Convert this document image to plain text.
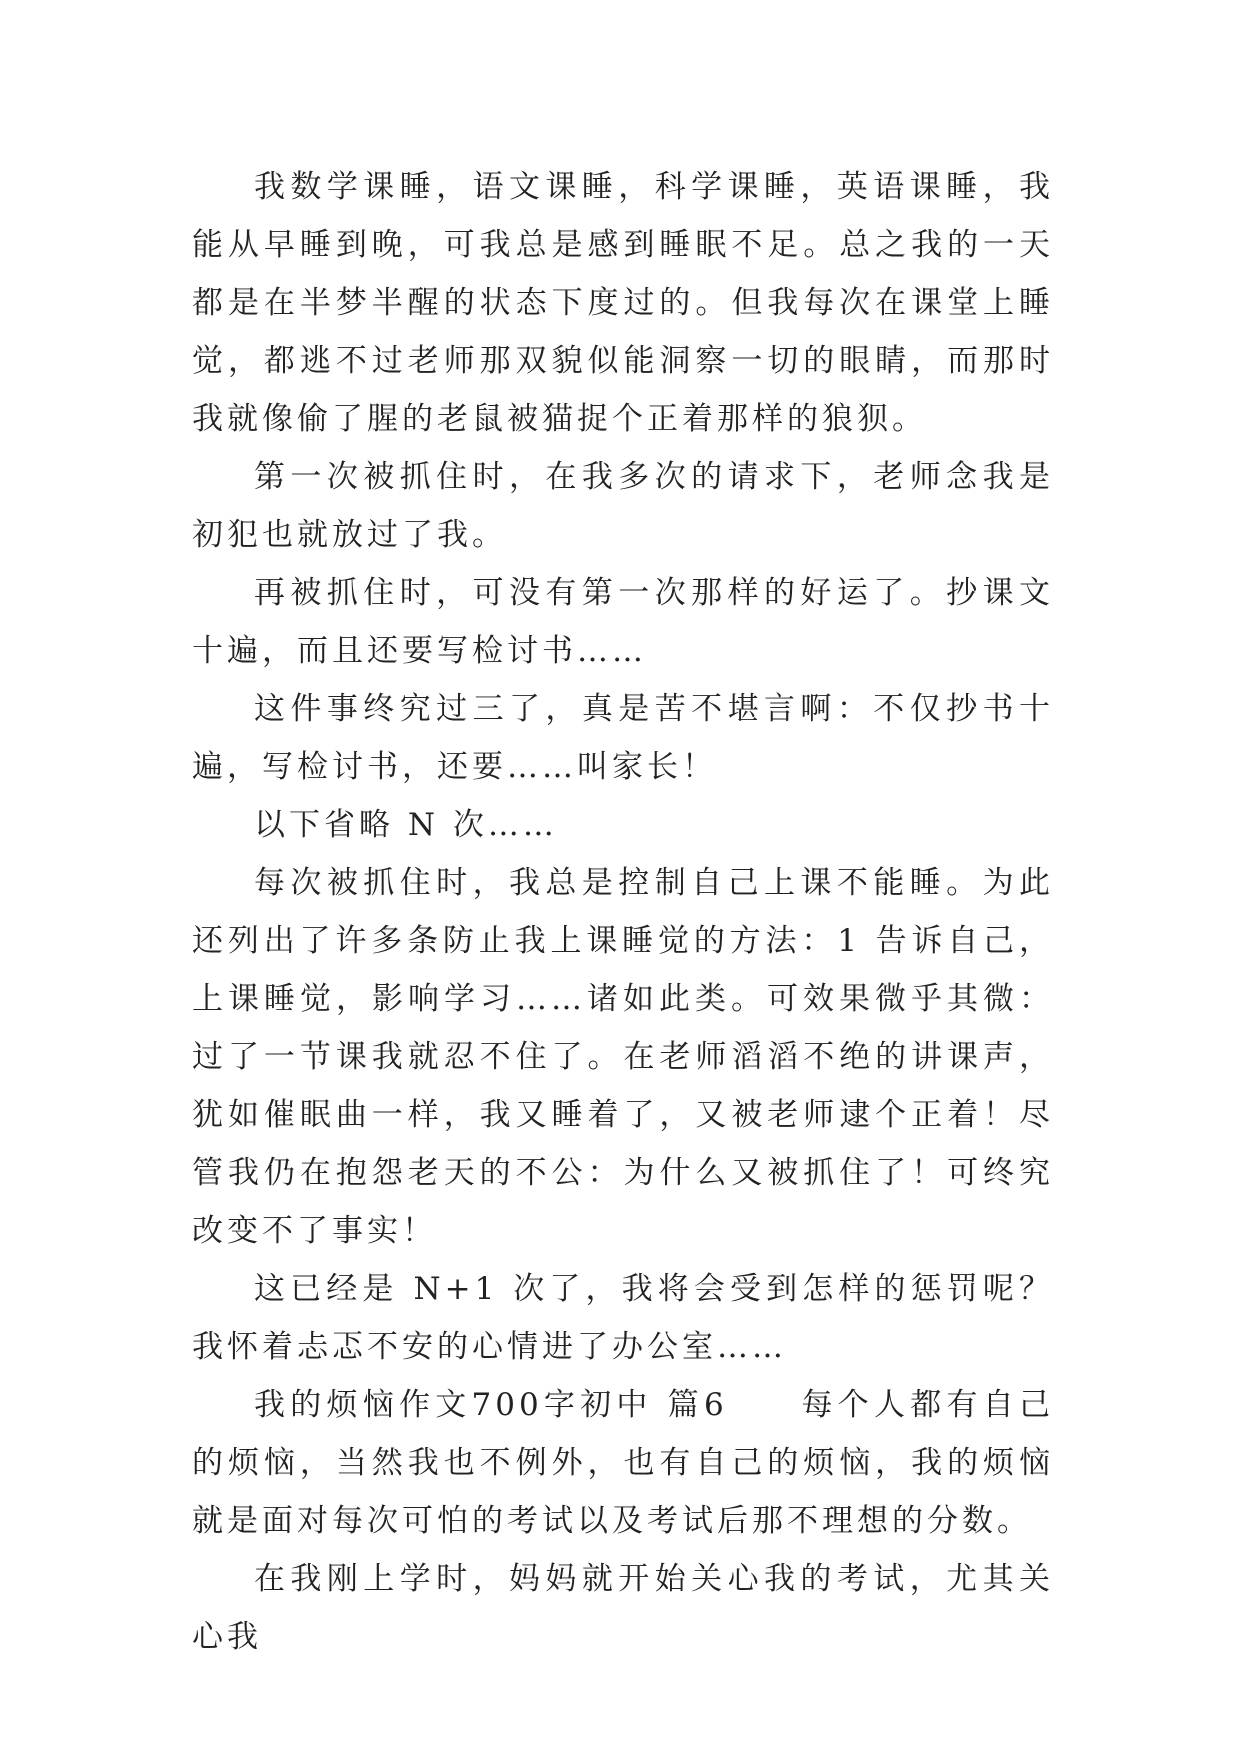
我数学课睡，语文课睡，科学课睡，英语课睡，我能从早睡到晚，可我总是感到睡眠不足。总之我的一天都是在半梦半醒的状态下度过的。但我每次在课堂上睡觉，都逃不过老师那双貌似能洞察一切的眼睛，而那时我就像偷了腥的老鼠被猫捉个正着那样的狼狈。

第一次被抓住时，在我多次的请求下，老师念我是初犯也就放过了我。

再被抓住时，可没有第一次那样的好运了。抄课文十遍，而且还要写检讨书……

这件事终究过三了，真是苦不堪言啊：不仅抄书十遍，写检讨书，还要……叫家长！

以下省略 N 次……

每次被抓住时，我总是控制自己上课不能睡。为此还列出了许多条防止我上课睡觉的方法：1 告诉自己，上课睡觉，影响学习……诸如此类。可效果微乎其微：过了一节课我就忍不住了。在老师滔滔不绝的讲课声，犹如催眠曲一样，我又睡着了，又被老师逮个正着！尽管我仍在抱怨老天的不公：为什么又被抓住了！可终究改变不了事实！

这已经是 N+1 次了，我将会受到怎样的惩罚呢？我怀着忐忑不安的心情进了办公室……

我的烦恼作文700字初中 篇6　　每个人都有自己的烦恼，当然我也不例外，也有自己的烦恼，我的烦恼就是面对每次可怕的考试以及考试后那不理想的分数。

在我刚上学时，妈妈就开始关心我的考试，尤其关心我
